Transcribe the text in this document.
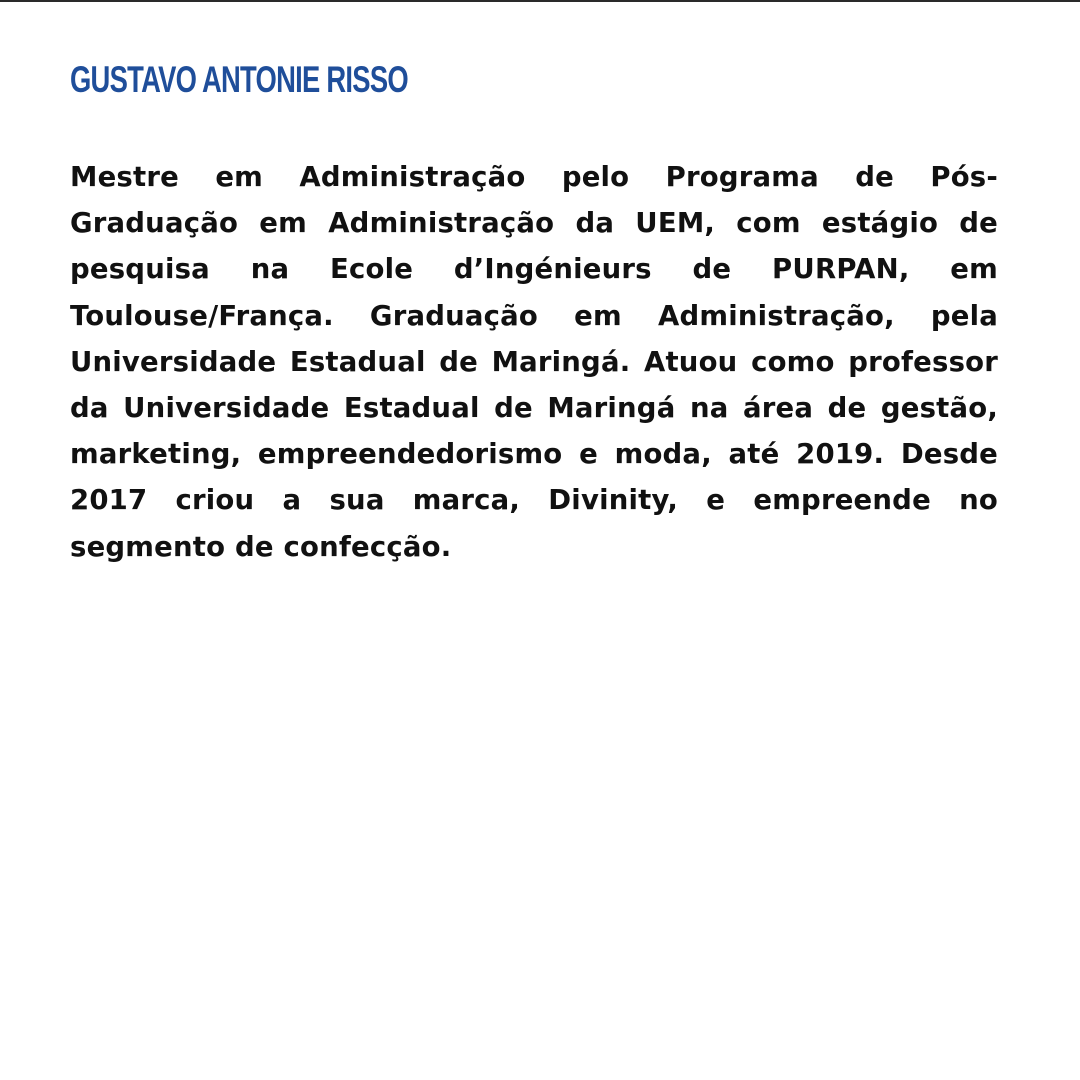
GUSTAVO ANTONIE RISSO

Mestre em Administração pelo Programa de Pós-Graduação em Administração da UEM, com estágio de pesquisa na Ecole d’Ingénieurs de PURPAN, em Toulouse/França. Graduação em Administração, pela Universidade Estadual de Maringá. Atuou como professor da Universidade Estadual de Maringá na área de gestão, marketing, empreendedorismo e moda, até 2019. Desde 2017 criou a sua marca, Divinity, e empreende no segmento de confecção.
